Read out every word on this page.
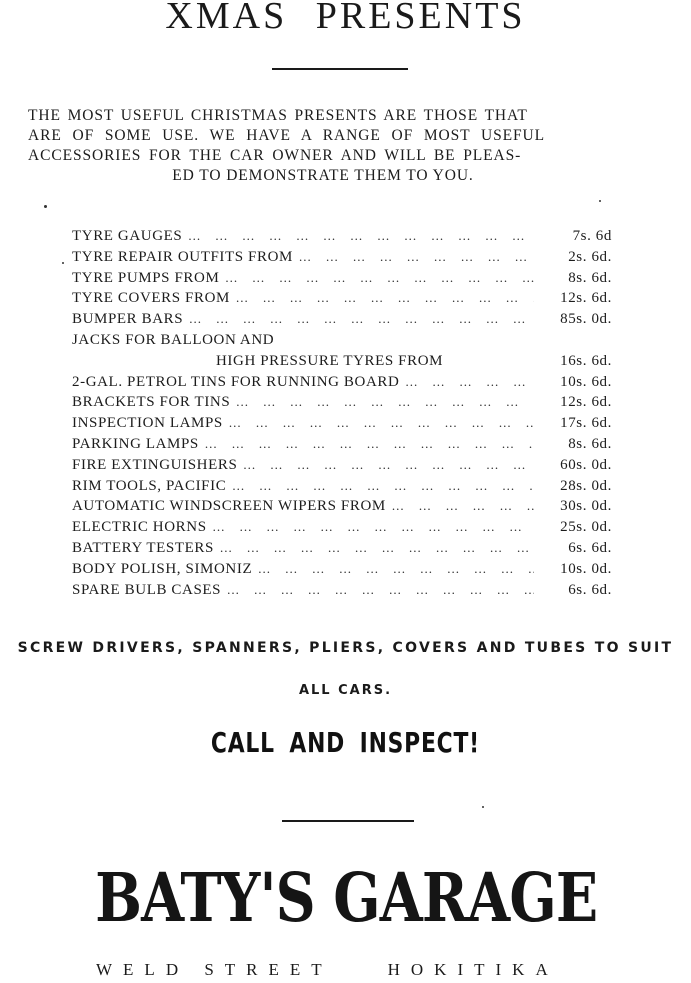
XMAS PRESENTS
THE MOST USEFUL CHRISTMAS PRESENTS ARE THOSE THAT
ARE OF SOME USE. WE HAVE A RANGE OF MOST USEFUL
ACCESSORIES FOR THE CAR OWNER AND WILL BE PLEAS-
ED TO DEMONSTRATE THEM TO YOU.
TYRE GAUGES ... .	7s. 6d
TYRE REPAIR OUTFITS FROM ... .	2s. 6d.
TYRE PUMPS FROM ... .	8s. 6d.
TYRE COVERS FROM ... .	12s. 6d.
BUMPER BARS ... .	85s. 0d.
JACKS FOR BALLOON AND
HIGH PRESSURE TYRES FROM	16s. 6d.
2-GAL. PETROL TINS FOR RUNNING BOARD ... .	10s. 6d.
BRACKETS FOR TINS ... .	12s. 6d.
INSPECTION LAMPS ... .	17s. 6d.
PARKING LAMPS ... .	8s. 6d.
FIRE EXTINGUISHERS ... .	60s. 0d.
RIM TOOLS, PACIFIC ... .	28s. 0d.
AUTOMATIC WINDSCREEN WIPERS FROM ... .	30s. 0d.
ELECTRIC HORNS ... .	25s. 0d.
BATTERY TESTERS ... .	6s. 6d.
BODY POLISH, SIMONIZ ... .	10s. 0d.
SPARE BULB CASES ... .	6s. 6d.
SCREW DRIVERS, SPANNERS, PLIERS, COVERS AND TUBES TO SUIT
ALL CARS.
CALL AND INSPECT!
BATY'S GARAGE
WELD STREET	HOKITIKA
